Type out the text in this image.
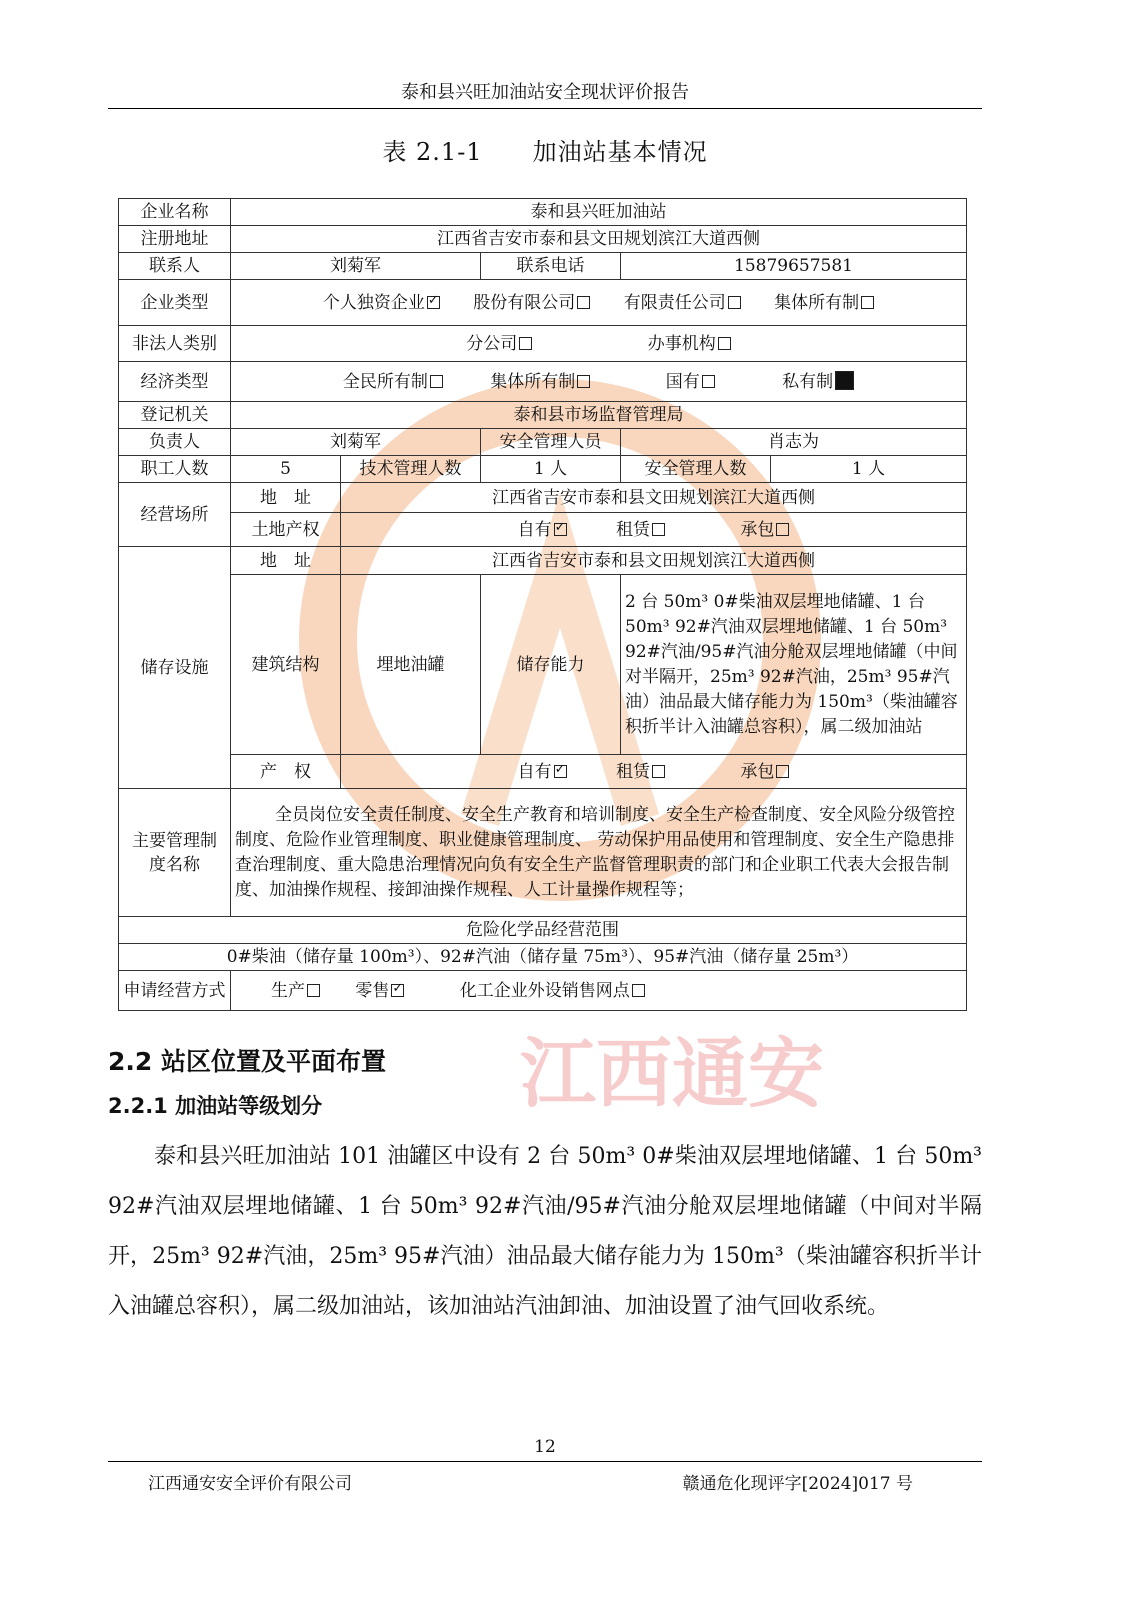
江西通安
泰和县兴旺加油站安全现状评价报告
表 2.1-1　　加油站基本情况
企业名称	泰和县兴旺加油站				
注册地址	江西省吉安市泰和县文田规划滨江大道西侧				
联系人	刘菊军		联系电话	15879657581	
企业类型	个人独资企业 ✓ 股份有限公司 有限责任公司 集体所有制
非法人类别	分公司 办事机构				
经济类型	全民所有制 集体所有制 国有 私有制				
登记机关	泰和县市场监督管理局				
负责人	刘菊军		安全管理人员	肖志为	
职工人数	5	技术管理人数	1 人	安全管理人数	1 人
经营场所	地　址	江西省吉安市泰和县文田规划滨江大道西侧			
	土地产权	自有 ✓ 租赁 承包
储存设施	地　址	江西省吉安市泰和县文田规划滨江大道西侧			
	建筑结构	埋地油罐	储存能力	2 台 50m³ 0#柴油双层埋地储罐、1 台 50m³ 92#汽油双层埋地储罐、1 台 50m³ 92#汽油/95#汽油分舱双层埋地储罐（中间对半隔开，25m³ 92#汽油，25m³ 95#汽油）油品最大储存能力为 150m³（柴油罐容积折半计入油罐总容积），属二级加油站	
	产　权	自有 ✓ 租赁 承包
主要管理制度名称	全员岗位安全责任制度、安全生产教育和培训制度、安全生产检查制度、安全风险分级管控制度、危险作业管理制度、职业健康管理制度、 劳动保护用品使用和管理制度、安全生产隐患排查治理制度、重大隐患治理情况向负有安全生产监督管理职责的部门和企业职工代表大会报告制度、加油操作规程、接卸油操作规程、人工计量操作规程等；				
危险化学品经营范围					
0#柴油（储存量 100m³）、92#汽油（储存量 75m³）、95#汽油（储存量 25m³）					
申请经营方式	生产 零售 ✓ 化工企业外设销售网点
2.2 站区位置及平面布置
2.2.1 加油站等级划分

泰和县兴旺加油站 101 油罐区中设有 2 台 50m³ 0#柴油双层埋地储罐、1 台 50m³ 92#汽油双层埋地储罐、1 台 50m³ 92#汽油/95#汽油分舱双层埋地储罐（中间对半隔开，25m³ 92#汽油，25m³ 95#汽油）油品最大储存能力为 150m³（柴油罐容积折半计入油罐总容积），属二级加油站，该加油站汽油卸油、加油设置了油气回收系统。

12
江西通安安全评价有限公司	赣通危化现评字[2024]017 号
